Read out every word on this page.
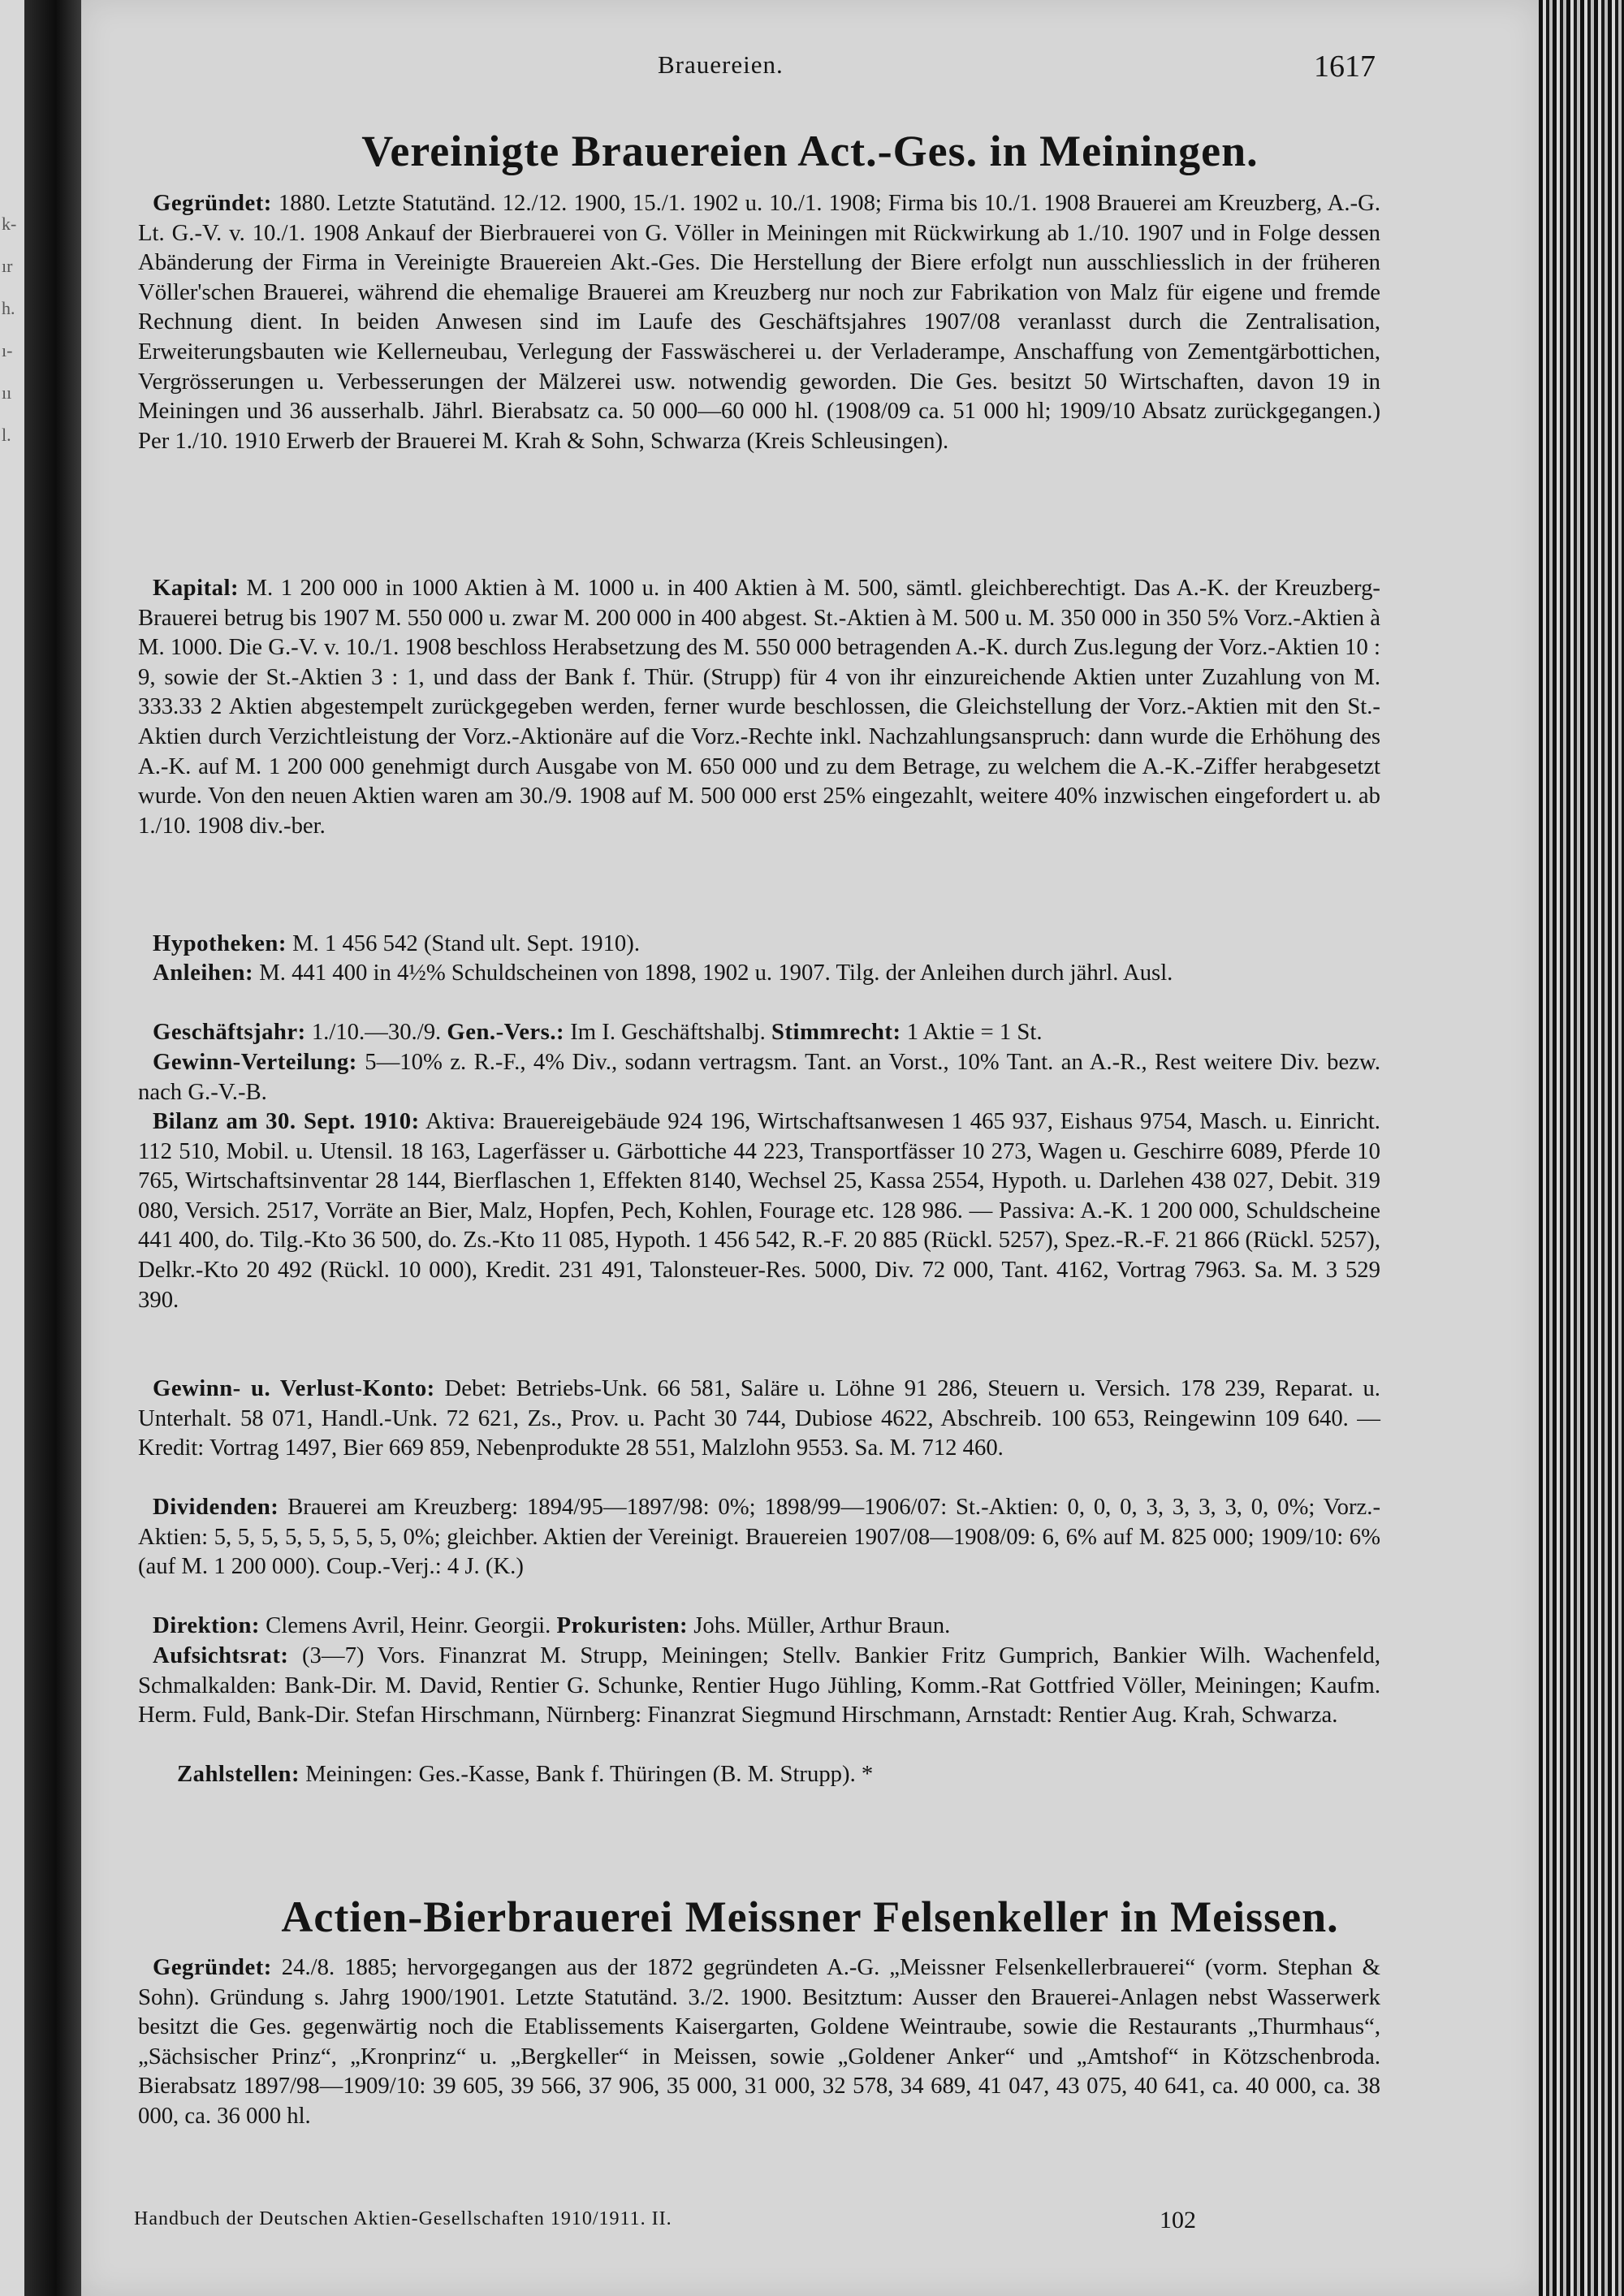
k-
ır
h.
ı-
ıı
l.
Brauereien.	1617
Vereinigte Brauereien Act.-Ges. in Meiningen.

Gegründet: 1880. Letzte Statutänd. 12./12. 1900, 15./1. 1902 u. 10./1. 1908; Firma bis 10./1. 1908 Brauerei am Kreuzberg, A.-G. Lt. G.-V. v. 10./1. 1908 Ankauf der Bierbrauerei von G. Völler in Meiningen mit Rückwirkung ab 1./10. 1907 und in Folge dessen Abänderung der Firma in Vereinigte Brauereien Akt.-Ges. Die Herstellung der Biere erfolgt nun ausschliesslich in der früheren Völler'schen Brauerei, während die ehemalige Brauerei am Kreuzberg nur noch zur Fabrikation von Malz für eigene und fremde Rechnung dient. In beiden Anwesen sind im Laufe des Geschäftsjahres 1907/08 veranlasst durch die Zentralisation, Erweiterungsbauten wie Kellerneubau, Verlegung der Fasswäscherei u. der Verladerampe, Anschaffung von Zementgärbottichen, Vergrösserungen u. Verbesserungen der Mälzerei usw. notwendig geworden. Die Ges. besitzt 50 Wirtschaften, davon 19 in Meiningen und 36 ausserhalb. Jährl. Bierabsatz ca. 50 000—60 000 hl. (1908/09 ca. 51 000 hl; 1909/10 Absatz zurückgegangen.) Per 1./10. 1910 Erwerb der Brauerei M. Krah & Sohn, Schwarza (Kreis Schleusingen).

Kapital: M. 1 200 000 in 1000 Aktien à M. 1000 u. in 400 Aktien à M. 500, sämtl. gleichberechtigt. Das A.-K. der Kreuzberg-Brauerei betrug bis 1907 M. 550 000 u. zwar M. 200 000 in 400 abgest. St.-Aktien à M. 500 u. M. 350 000 in 350 5% Vorz.-Aktien à M. 1000. Die G.-V. v. 10./1. 1908 beschloss Herabsetzung des M. 550 000 betragenden A.-K. durch Zus.legung der Vorz.-Aktien 10 : 9, sowie der St.-Aktien 3 : 1, und dass der Bank f. Thür. (Strupp) für 4 von ihr einzureichende Aktien unter Zuzahlung von M. 333.33 2 Aktien abgestempelt zurückgegeben werden, ferner wurde beschlossen, die Gleichstellung der Vorz.-Aktien mit den St.-Aktien durch Verzichtleistung der Vorz.-Aktionäre auf die Vorz.-Rechte inkl. Nachzahlungsanspruch: dann wurde die Erhöhung des A.-K. auf M. 1 200 000 genehmigt durch Ausgabe von M. 650 000 und zu dem Betrage, zu welchem die A.-K.-Ziffer herabgesetzt wurde. Von den neuen Aktien waren am 30./9. 1908 auf M. 500 000 erst 25% eingezahlt, weitere 40% inzwischen eingefordert u. ab 1./10. 1908 div.-ber.

Hypotheken: M. 1 456 542 (Stand ult. Sept. 1910).

Anleihen: M. 441 400 in 4½% Schuldscheinen von 1898, 1902 u. 1907. Tilg. der Anleihen durch jährl. Ausl.

Geschäftsjahr: 1./10.—30./9. Gen.-Vers.: Im I. Geschäftshalbj. Stimmrecht: 1 Aktie = 1 St.

Gewinn-Verteilung: 5—10% z. R.-F., 4% Div., sodann vertragsm. Tant. an Vorst., 10% Tant. an A.-R., Rest weitere Div. bezw. nach G.-V.-B.

Bilanz am 30. Sept. 1910: Aktiva: Brauereigebäude 924 196, Wirtschaftsanwesen 1 465 937, Eishaus 9754, Masch. u. Einricht. 112 510, Mobil. u. Utensil. 18 163, Lagerfässer u. Gärbottiche 44 223, Transportfässer 10 273, Wagen u. Geschirre 6089, Pferde 10 765, Wirtschaftsinventar 28 144, Bierflaschen 1, Effekten 8140, Wechsel 25, Kassa 2554, Hypoth. u. Darlehen 438 027, Debit. 319 080, Versich. 2517, Vorräte an Bier, Malz, Hopfen, Pech, Kohlen, Fourage etc. 128 986. — Passiva: A.-K. 1 200 000, Schuldscheine 441 400, do. Tilg.-Kto 36 500, do. Zs.-Kto 11 085, Hypoth. 1 456 542, R.-F. 20 885 (Rückl. 5257), Spez.-R.-F. 21 866 (Rückl. 5257), Delkr.-Kto 20 492 (Rückl. 10 000), Kredit. 231 491, Talonsteuer-Res. 5000, Div. 72 000, Tant. 4162, Vortrag 7963. Sa. M. 3 529 390.

Gewinn- u. Verlust-Konto: Debet: Betriebs-Unk. 66 581, Saläre u. Löhne 91 286, Steuern u. Versich. 178 239, Reparat. u. Unterhalt. 58 071, Handl.-Unk. 72 621, Zs., Prov. u. Pacht 30 744, Dubiose 4622, Abschreib. 100 653, Reingewinn 109 640. — Kredit: Vortrag 1497, Bier 669 859, Nebenprodukte 28 551, Malzlohn 9553. Sa. M. 712 460.

Dividenden: Brauerei am Kreuzberg: 1894/95—1897/98: 0%; 1898/99—1906/07: St.-Aktien: 0, 0, 0, 3, 3, 3, 3, 0, 0%; Vorz.-Aktien: 5, 5, 5, 5, 5, 5, 5, 5, 0%; gleichber. Aktien der Vereinigt. Brauereien 1907/08—1908/09: 6, 6% auf M. 825 000; 1909/10: 6% (auf M. 1 200 000). Coup.-Verj.: 4 J. (K.)

Direktion: Clemens Avril, Heinr. Georgii. Prokuristen: Johs. Müller, Arthur Braun.

Aufsichtsrat: (3—7) Vors. Finanzrat M. Strupp, Meiningen; Stellv. Bankier Fritz Gumprich, Bankier Wilh. Wachenfeld, Schmalkalden: Bank-Dir. M. David, Rentier G. Schunke, Rentier Hugo Jühling, Komm.-Rat Gottfried Völler, Meiningen; Kaufm. Herm. Fuld, Bank-Dir. Stefan Hirschmann, Nürnberg: Finanzrat Siegmund Hirschmann, Arnstadt: Rentier Aug. Krah, Schwarza.

Zahlstellen: Meiningen: Ges.-Kasse, Bank f. Thüringen (B. M. Strupp). *

Actien-Bierbrauerei Meissner Felsenkeller in Meissen.

Gegründet: 24./8. 1885; hervorgegangen aus der 1872 gegründeten A.-G. „Meissner Felsenkellerbrauerei“ (vorm. Stephan & Sohn). Gründung s. Jahrg 1900/1901. Letzte Statutänd. 3./2. 1900. Besitztum: Ausser den Brauerei-Anlagen nebst Wasserwerk besitzt die Ges. gegenwärtig noch die Etablissements Kaisergarten, Goldene Weintraube, sowie die Restaurants „Thurmhaus“, „Sächsischer Prinz“, „Kronprinz“ u. „Bergkeller“ in Meissen, sowie „Goldener Anker“ und „Amtshof“ in Kötzschenbroda. Bierabsatz 1897/98—1909/10: 39 605, 39 566, 37 906, 35 000, 31 000, 32 578, 34 689, 41 047, 43 075, 40 641, ca. 40 000, ca. 38 000, ca. 36 000 hl.

Handbuch der Deutschen Aktien-Gesellschaften 1910/1911. II.	102
